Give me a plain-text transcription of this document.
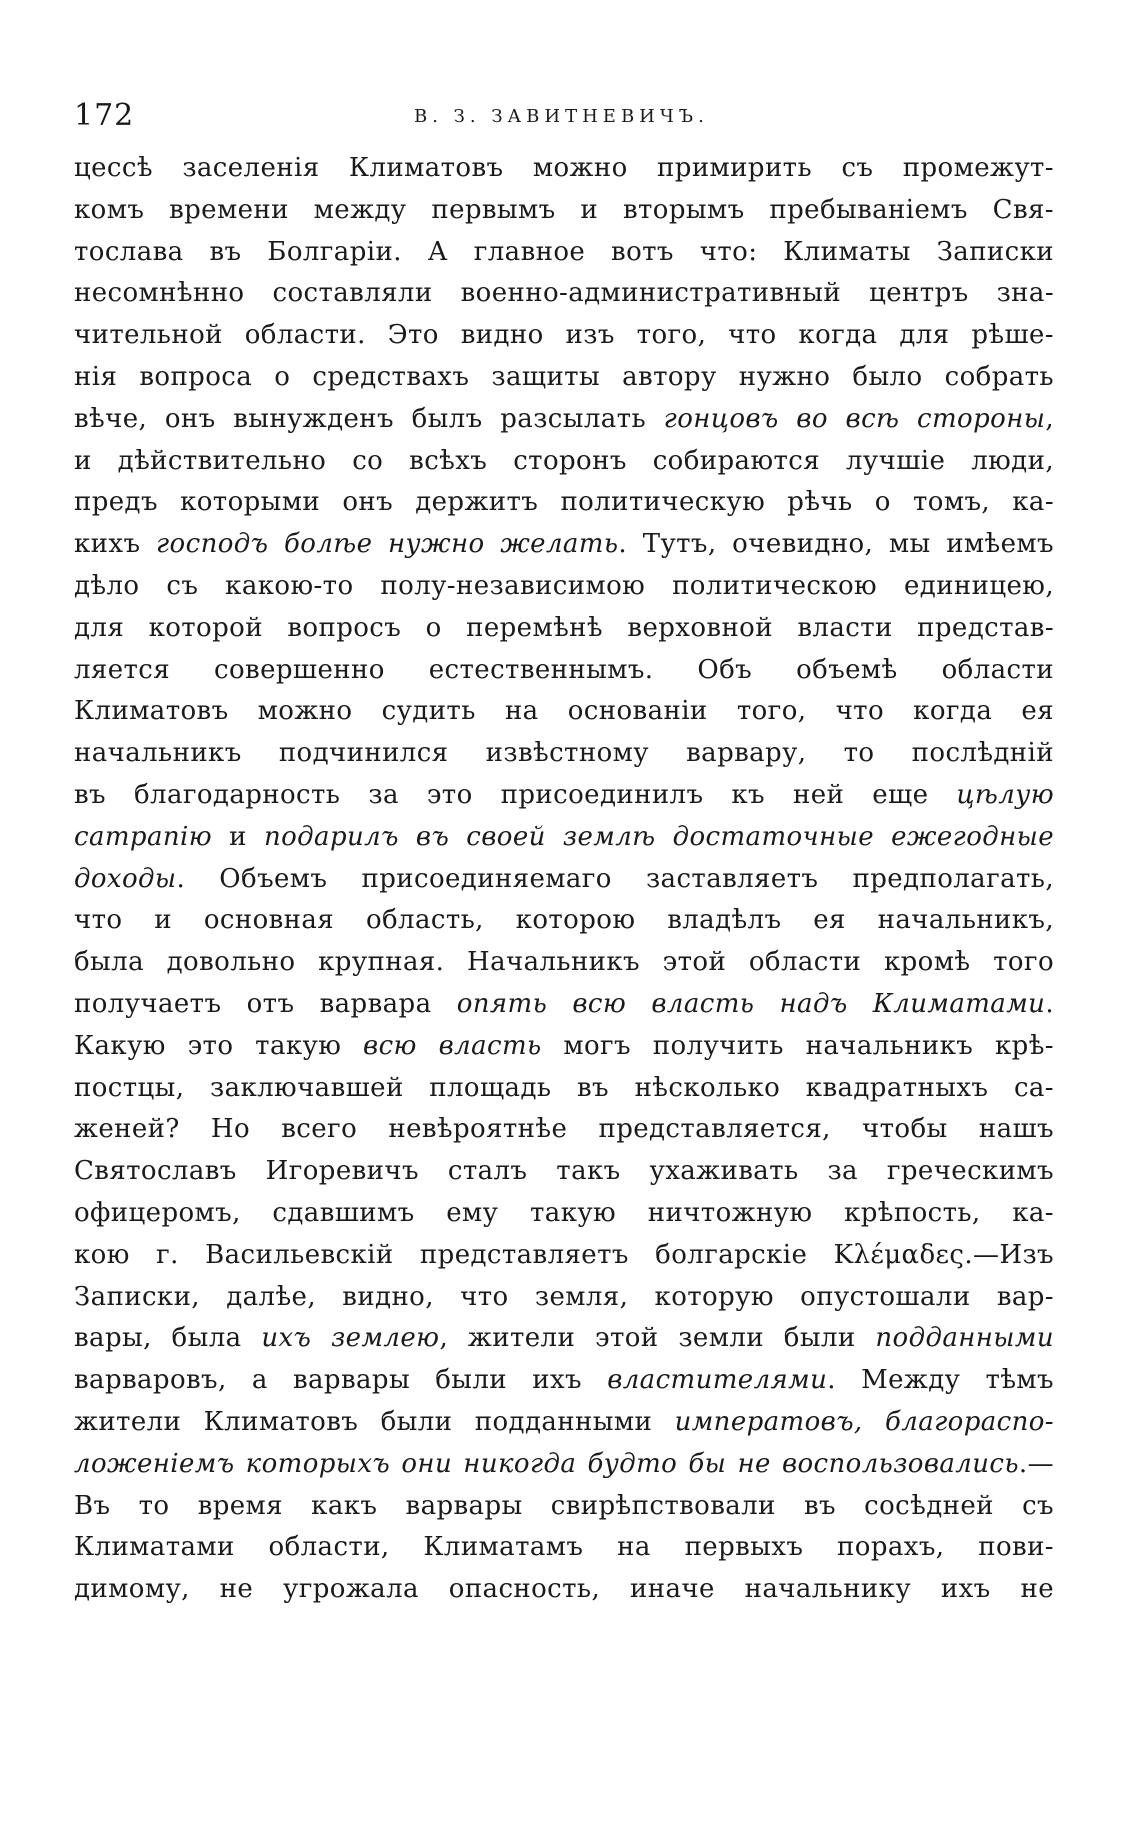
172	В. З. ЗАВИТНЕВИЧЪ.
цессѣ заселенія Климатовъ можно примирить съ промежут-
комъ времени между первымъ и вторымъ пребываніемъ Свя-
тослава въ Болгаріи. А главное вотъ что: Климаты Записки
несомнѣнно составляли военно-административный центръ зна-
чительной области. Это видно изъ того, что когда для рѣше-
нія вопроса о средствахъ защиты автору нужно было собрать
вѣче, онъ вынужденъ былъ разсылать гонцовъ во всѣ стороны,
и дѣйствительно со всѣхъ сторонъ собираются лучшіе люди,
предъ которыми онъ держитъ политическую рѣчь о томъ, ка-
кихъ господъ болѣе нужно желать. Тутъ, очевидно, мы имѣемъ
дѣло съ какою-то полу-независимою политическою единицею,
для которой вопросъ о перемѣнѣ верховной власти представ-
ляется совершенно естественнымъ. Объ объемѣ области
Климатовъ можно судить на основаніи того, что когда ея
начальникъ подчинился извѣстному варвару, то послѣдній
въ благодарность за это присоединилъ къ ней еще цѣлую
сатрапію и подарилъ въ своей землѣ достаточные ежегодные
доходы. Объемъ присоединяемаго заставляетъ предполагать,
что и основная область, которою владѣлъ ея начальникъ,
была довольно крупная. Начальникъ этой области кромѣ того
получаетъ отъ варвара опять всю власть надъ Климатами.
Какую это такую всю власть могъ получить начальникъ крѣ-
постцы, заключавшей площадь въ нѣсколько квадратныхъ са-
женей? Но всего невѣроятнѣе представляется, чтобы нашъ
Святославъ Игоревичъ сталъ такъ ухаживать за греческимъ
офицеромъ, сдавшимъ ему такую ничтожную крѣпость, ка-
кою г. Васильевскій представляетъ болгарскіе Κλέμαδες.—Изъ
Записки, далѣе, видно, что земля, которую опустошали вар-
вары, была ихъ землею, жители этой земли были подданными
варваровъ, а варвары были ихъ властителями. Между тѣмъ
жители Климатовъ были подданными императовъ, благораспо-
ложеніемъ которыхъ они никогда будто бы не воспользовались.—
Въ то время какъ варвары свирѣпствовали въ сосѣдней съ
Климатами области, Климатамъ на первыхъ порахъ, пови-
димому, не угрожала опасность, иначе начальнику ихъ не
